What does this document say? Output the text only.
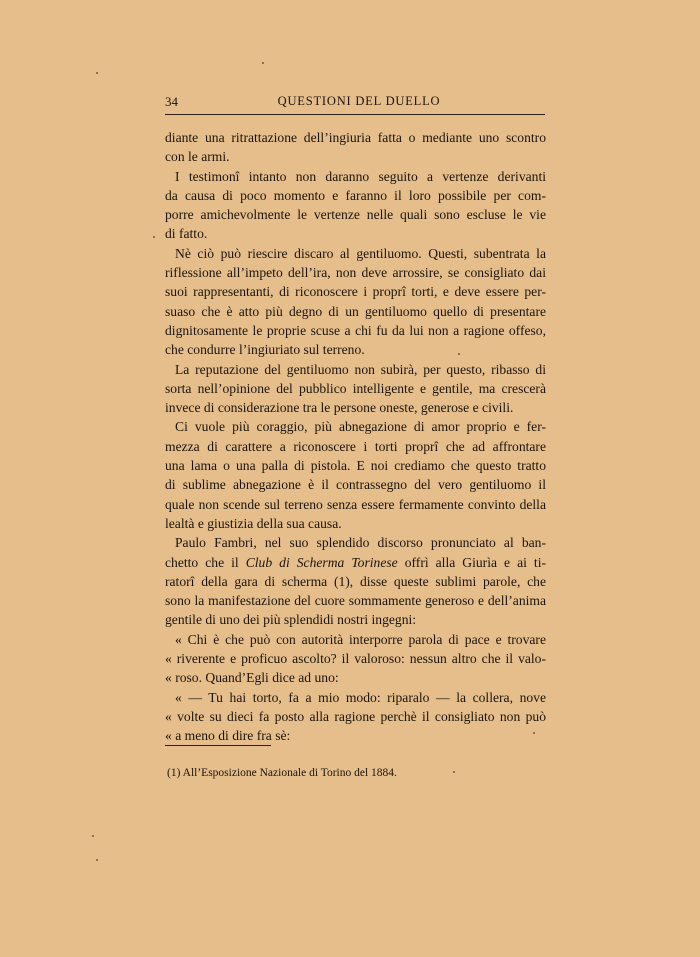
34	QUESTIONI DEL DUELLO
diante una ritrattazione dell’ingiuria fatta o mediante uno scontro
con le armi.
I testimonî intanto non daranno seguito a vertenze derivanti
da causa di poco momento e faranno il loro possibile per com-
porre amichevolmente le vertenze nelle quali sono escluse le vie
di fatto.
Nè ciò può riescire discaro al gentiluomo. Questi, subentrata la
riflessione all’impeto dell’ira, non deve arrossire, se consigliato dai
suoi rappresentanti, di riconoscere i proprî torti, e deve essere per-
suaso che è atto più degno di un gentiluomo quello di presentare
dignitosamente le proprie scuse a chi fu da lui non a ragione offeso,
che condurre l’ingiuriato sul terreno.
La reputazione del gentiluomo non subirà, per questo, ribasso di
sorta nell’opinione del pubblico intelligente e gentile, ma crescerà
invece di considerazione tra le persone oneste, generose e civili.
Ci vuole più coraggio, più abnegazione di amor proprio e fer-
mezza di carattere a riconoscere i torti proprî che ad affrontare
una lama o una palla di pistola. E noi crediamo che questo tratto
di sublime abnegazione è il contrassegno del vero gentiluomo il
quale non scende sul terreno senza essere fermamente convinto della
lealtà e giustizia della sua causa.
Paulo Fambri, nel suo splendido discorso pronunciato al ban-
chetto che il Club di Scherma Torinese offrì alla Giurìa e ai ti-
ratorî della gara di scherma (1), disse queste sublimi parole, che
sono la manifestazione del cuore sommamente generoso e dell’anima
gentile di uno dei più splendidi nostri ingegni:
« Chi è che può con autorità interporre parola di pace e trovare
« riverente e proficuo ascolto? il valoroso: nessun altro che il valo-
« roso. Quand’Egli dice ad uno:
« — Tu hai torto, fa a mio modo: riparalo — la collera, nove
« volte su dieci fa posto alla ragione perchè il consigliato non può
« a meno di dire fra sè:
(1) All’Esposizione Nazionale di Torino del 1884.
